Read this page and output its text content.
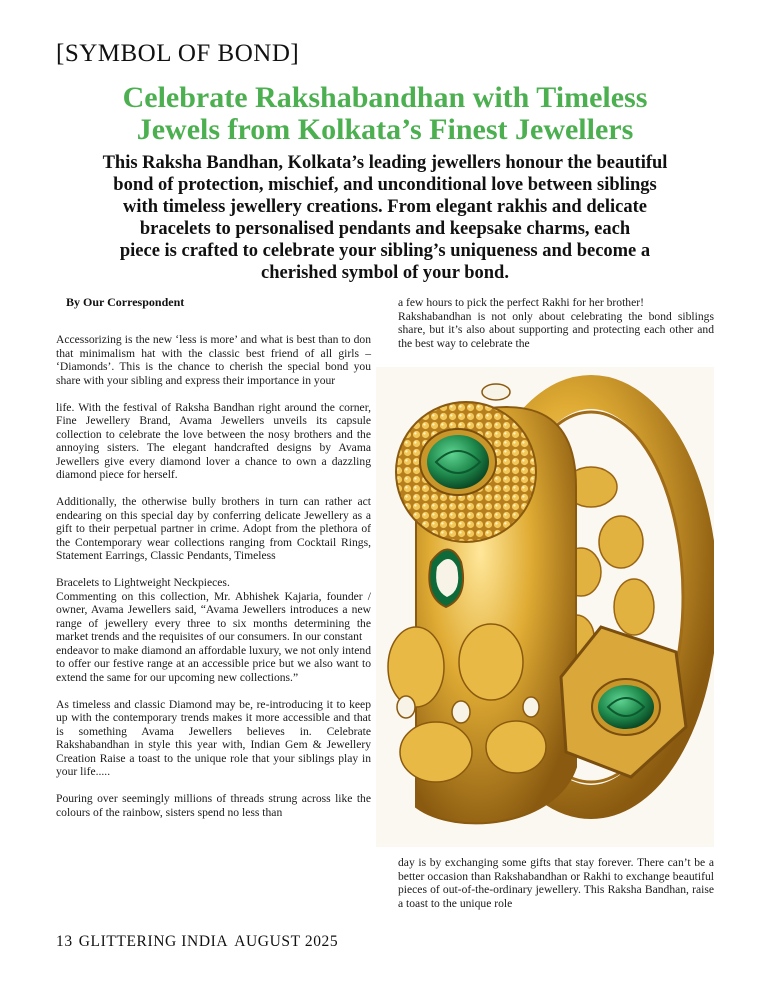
[SYMBOL OF BOND]
Celebrate Rakshabandhan with Timeless
Jewels from Kolkata’s Finest Jewellers
This Raksha Bandhan, Kolkata’s leading jewellers honour the beautiful
bond of protection, mischief, and unconditional love between siblings
with timeless jewellery creations. From elegant rakhis and delicate
bracelets to personalised pendants and keepsake charms, each
piece is crafted to celebrate your sibling’s uniqueness and become a
cherished symbol of your bond.
By Our Correspondent

Accessorizing is the new ‘less is more’ and what is best than to don that minimalism hat with the classic best friend of all girls – ‘Diamonds’. This is the chance to cherish the special bond you share with your sibling and express their importance in your

life. With the festival of Raksha Bandhan right around the corner, Fine Jewellery Brand, Avama Jewellers unveils its capsule collection to celebrate the love between the nosy brothers and the annoying sisters. The elegant handcrafted designs by Avama Jewellers give every diamond lover a chance to own a dazzling diamond piece for herself.

Additionally, the otherwise bully brothers in turn can rather act endearing on this special day by conferring delicate Jewellery as a gift to their perpetual partner in crime. Adopt from the plethora of the Contemporary wear collections ranging from Cocktail Rings, Statement Earrings, Classic Pendants, Timeless

Bracelets to Lightweight Neckpieces.

Commenting on this collection, Mr. Abhishek Kajaria, founder / owner, Avama Jewellers said, “Avama Jewellers introduces a new range of jewellery every three to six months determining the market trends and the requisites of our consumers. In our constant

endeavor to make diamond an affordable luxury, we not only intend to offer our festive range at an accessible price but we also want to extend the same for our upcoming new collections.”

As timeless and classic Diamond may be, re-introducing it to keep up with the contemporary trends makes it more accessible and that is something Avama Jewellers believes in. Celebrate Rakshabandhan in style this year with, Indian Gem & Jewellery Creation Raise a toast to the unique role that your siblings play in your life.....

Pouring over seemingly millions of threads strung across like the colours of the rainbow, sisters spend no less than

a few hours to pick the perfect Rakhi for her brother!

Rakshabandhan is not only about celebrating the bond siblings share, but it’s also about supporting and protecting each other and the best way to celebrate the

day is by exchanging some gifts that stay forever. There can’t be a better occasion than Rakshabandhan or Rakhi to exchange beautiful pieces of out-of-the-ordinary jewellery. This Raksha Bandhan, raise a toast to the unique role

13 GLITTERING INDIA AUGUST 2025
